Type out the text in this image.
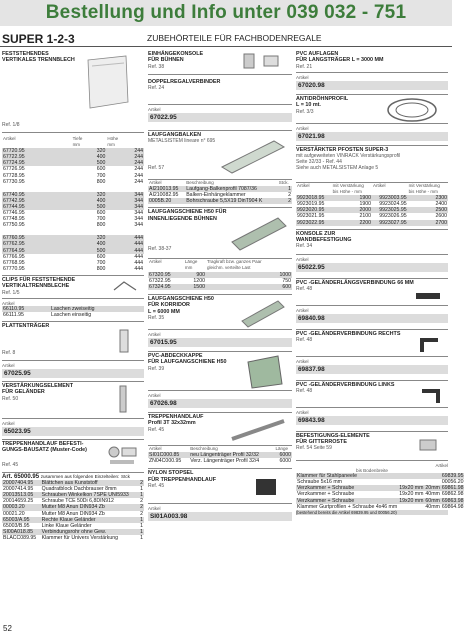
Bestellung und Info unter 039 032 - 751
SUPER 1-2-3	ZUBEHÖRTEILE FÜR FACHBODENREGALE
FESTSTEHENDES
VERTIKALES TRENNBLECH
Ref. 1/8
Artikel	Tiefe	Höhe
	mm	mm
67720.95	320	244
67722.95	400	244
67724.95	500	244
67726.95	600	244
67728.95	700	244
67730.95	800	244

67740.95	320	344
67742.95	400	344
67744.95	500	344
67746.95	600	344
67748.95	700	344
67750.95	800	344

67760.95	320	444
67762.95	400	444
67764.95	500	444
67766.95	600	444
67768.95	700	444
67770.95	800	444
CLIPS FÜR FESTSTEHENDE
VERTIKALTRENNBLECHE
Ref. 1/5
Artikel
66110.95	Laschen zweiseitig
66111.95	Laschen einseitig
PLATTENTRÄGER
Ref. 8
Artikel
67025.95
VERSTÄRKUNGSELEMENT
FÜR GELÄNDER
Ref. 50
Artikel
65023.95
TREPPENHANDLAUF BEFESTI-
GUNGS-BAUSATZ (Muster-Code)
Ref. 45
Art. 65000.95 zusammen aus folgenden Einzelteilen: Stck
20007404.95	Blättchen aus Kunststoff	2
20007414.95	Quadratblock Dachbrauser 8mm	1
20013513.05	Schrauben Winkelkon 7SPE UNI5933	1
20014659.25	Schraube TCE 50Di 6,8DIN912	2
00003.20	Mutter M8 Anun DIN934 Zb	2
00021.20	Mutter M8 Anun DIN934 Zb	2
65003/A.95	Rechte Klaue Geländer	1
65003/B.95	Linke Klaue Geländer	1
SI00A018.85	Verbindungsrohr ohne Gew.	1
BLACC089.95	Klammer für Univers Verstärkung	1
EINHÄNGEKONSOLE
FÜR BÜHNEN
Ref. 38
DOPPELREGALVERBINDER
Ref. 24
Artikel
67022.95
LAUFGANGBALKEN
METALSISTEM lineare n° 695
Ref. 57
Artikel	Beschreibung	Stck.
AI210013.95	Laufgang-Balkenprofil 7087/36	1
AI210082.95	Balken-Einhängeklammer	2
0005B.20	Bohrschraube 5,5X19 DinT904 K	2
LAUFGANGSCHIENE H50 FÜR
INNENLIEGENDE BÜHNEN
Ref. 38-37
Artikel	Länge	Tragkraft bzw. ganzes Paar
	mm	gleichm. verteilte Last
67320.95	900	1000
67322.95	1200	750
67324.95	1500	600
LAUFGANGSCHIENE H50
FÜR KORRIDOR
L = 6000 MM
Ref. 35
Artikel
67015.95
PVC-ABDECKKAPPE
FÜR LAUFGANGSCHIENE H50
Ref. 39
Artikel
67026.98
TREPPENHANDLAUF
Profil 3T 32x32mm
Ref. 45
Artikel	Beschreibung	Länge
SI01C000.85	neu Längenträger Profil 32/32	6000
ZN04C000.95	Verz. Längenträger Profil 32/4	6000
NYLON STOPSEL
FÜR TREPPENHANDLAUF
Ref. 45
Artikel
SI01A003.98
PVC AUFLAGEN
FÜR LANGSTRÄGER L = 3000 MM
Ref. 21
Artikel
67020.98
ANTIDRÖHNPROFIL
L = 10 mt.
Ref. 3/3
Artikel
67021.98
VERSTÄRKTER PFOSTEN SUPER-3
mit aufgeweiteten VINRACK Verstärkungsprofil
Seite 32/33 - Ref. 44
Siehe auch METALSISTEM Anlage 5
Artikel	mit Verstärkung	Artikel	mit Verstärkung
	bis Höhe - mm		bis Höhe - mm
9923018.95	1900	9923003.95	2300
9923019.95	1900	9923024.95	2400
9923020.95	2000	9923025.95	2500
9923021.95	2100	9923026.95	2600
9923022.95	2200	9923027.95	2700
KONSOLE ZUR
WANDBEFESTIGUNG
Ref. 34
Artikel
65022.95
PVC -GELÄNDERLÄNGSVERBINDUNG 66 MM
Ref. 48
Artikel
69840.98
PVC -GELÄNDERVERBINDUNG RECHTS
Ref. 48
Artikel
69837.98
PVC -GELÄNDERVERBINDUNG LINKS
Ref. 48
Artikel
69843.98
BEFESTIGUNGS-ELEMENTE
FÜR GITTERROSTE
Ref. 54 Seite 59
Artikel
bis Bodenbreite
Klammer für Stahlpaneele			69839.95
Schraube 5x16 mm			00056.20
Verzkammer + Schraube	19x20 mm	20mm	69861.98
Verzkammer + Schraube	19x20 mm	40mm	69862.98
Verzkammer + Schraube	19x20 mm	60mm	69863.98
Klammer Gurtprofilen + Schraube 4x46 mm		40mm	69864.98
(bestehend bereits die Artikel 69839.95 und 00056.20)
52
